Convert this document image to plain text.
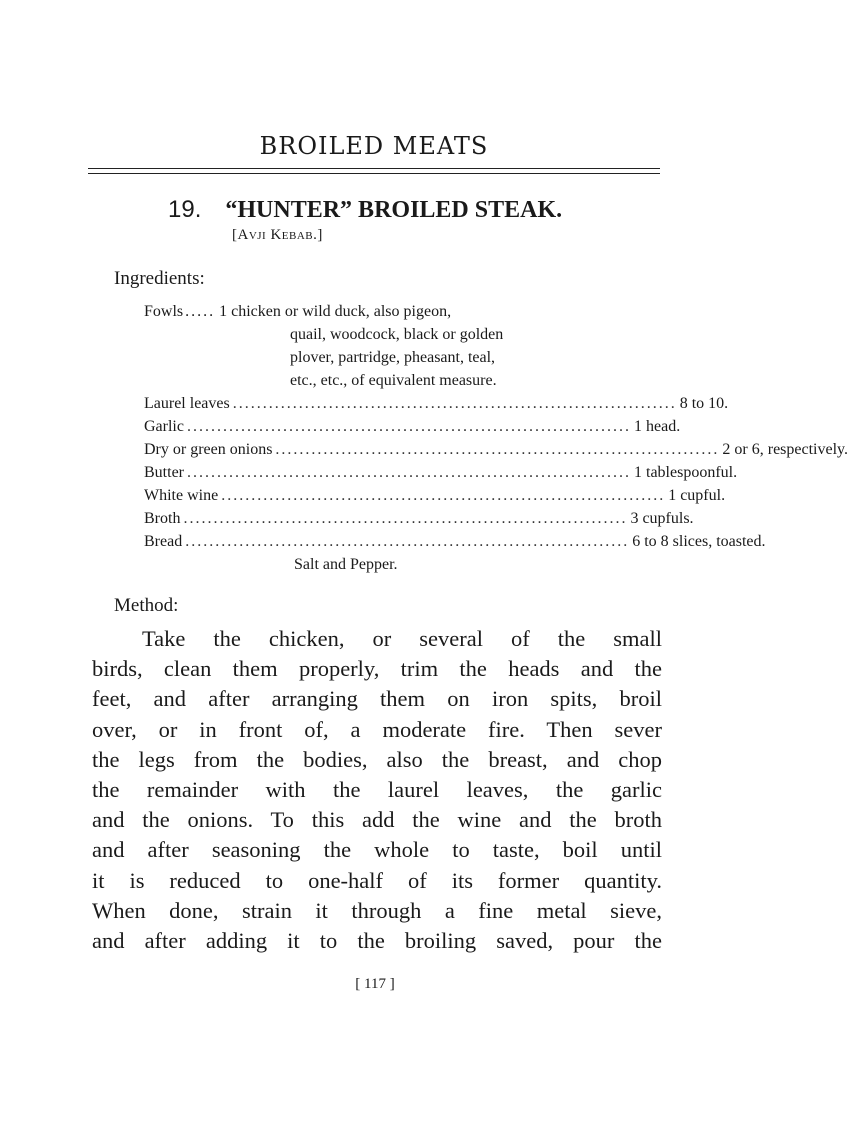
BROILED MEATS
19. “HUNTER” BROILED STEAK.
[Avji Kebab.]
Ingredients:
Fowls ..... 1 chicken or wild duck, also pigeon,
quail, woodcock, black or golden
plover, partridge, pheasant, teal,
etc., etc., of equivalent measure.
Laurel leaves .......................................................................... 8 to 10.
Garlic .......................................................................... 1 head.
Dry or green onions .......................................................................... 2 or 6, respectively.
Butter .......................................................................... 1 tablespoonful.
White wine .......................................................................... 1 cupful.
Broth .......................................................................... 3 cupfuls.
Bread .......................................................................... 6 to 8 slices, toasted.
Salt and Pepper.
Method:
Take the chicken, or several of the small
birds, clean them properly, trim the heads and the
feet, and after arranging them on iron spits, broil
over, or in front of, a moderate fire. Then sever
the legs from the bodies, also the breast, and chop
the remainder with the laurel leaves, the garlic
and the onions. To this add the wine and the broth
and after seasoning the whole to taste, boil until
it is reduced to one-half of its former quantity.
When done, strain it through a fine metal sieve,
and after adding it to the broiling saved, pour the
[ 117 ]
